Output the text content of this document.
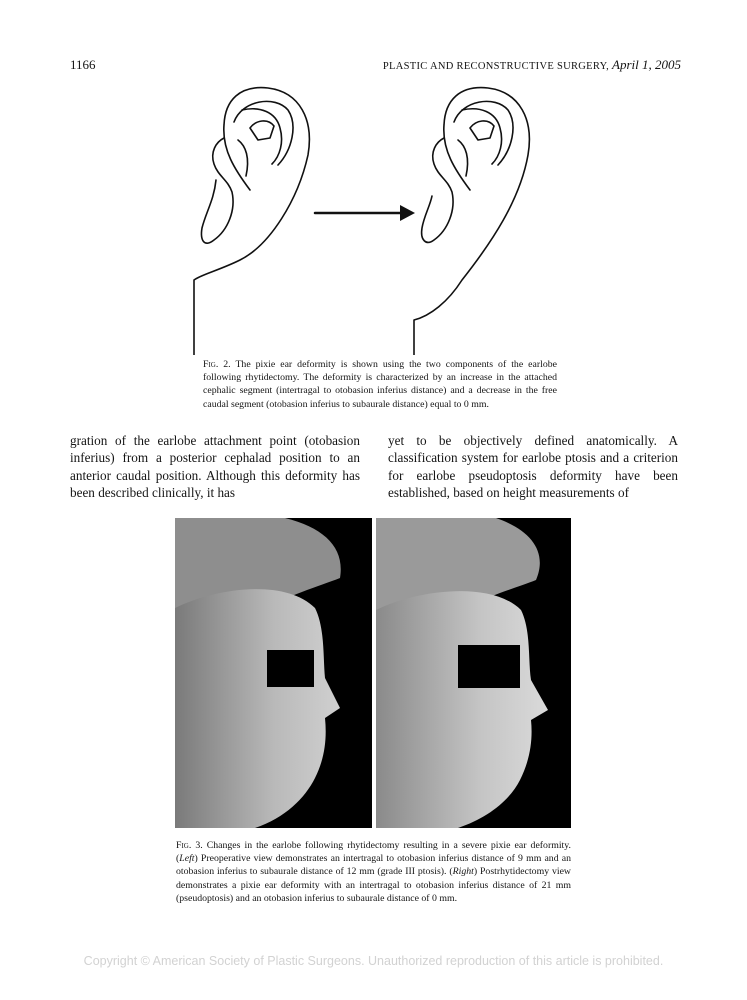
1166	PLASTIC AND RECONSTRUCTIVE SURGERY, April 1, 2005
Fig. 2. The pixie ear deformity is shown using the two components of the earlobe following rhytidectomy. The deformity is characterized by an increase in the attached cephalic segment (intertragal to otobasion inferius distance) and a decrease in the free caudal segment (otobasion inferius to subaurale distance) equal to 0 mm.
gration of the earlobe attachment point (otobasion inferius) from a posterior cephalad position to an anterior caudal position. Although this deformity has been described clinically, it has
yet to be objectively defined anatomically. A classification system for earlobe ptosis and a criterion for earlobe pseudoptosis deformity have been established, based on height measurements of
Fig. 3. Changes in the earlobe following rhytidectomy resulting in a severe pixie ear deformity. (Left) Preoperative view demonstrates an intertragal to otobasion inferius distance of 9 mm and an otobasion inferius to subaurale distance of 12 mm (grade III ptosis). (Right) Postrhytidectomy view demonstrates a pixie ear deformity with an intertragal to otobasion inferius distance of 21 mm (pseudoptosis) and an otobasion inferius to subaurale distance of 0 mm.
Copyright © American Society of Plastic Surgeons. Unauthorized reproduction of this article is prohibited.
